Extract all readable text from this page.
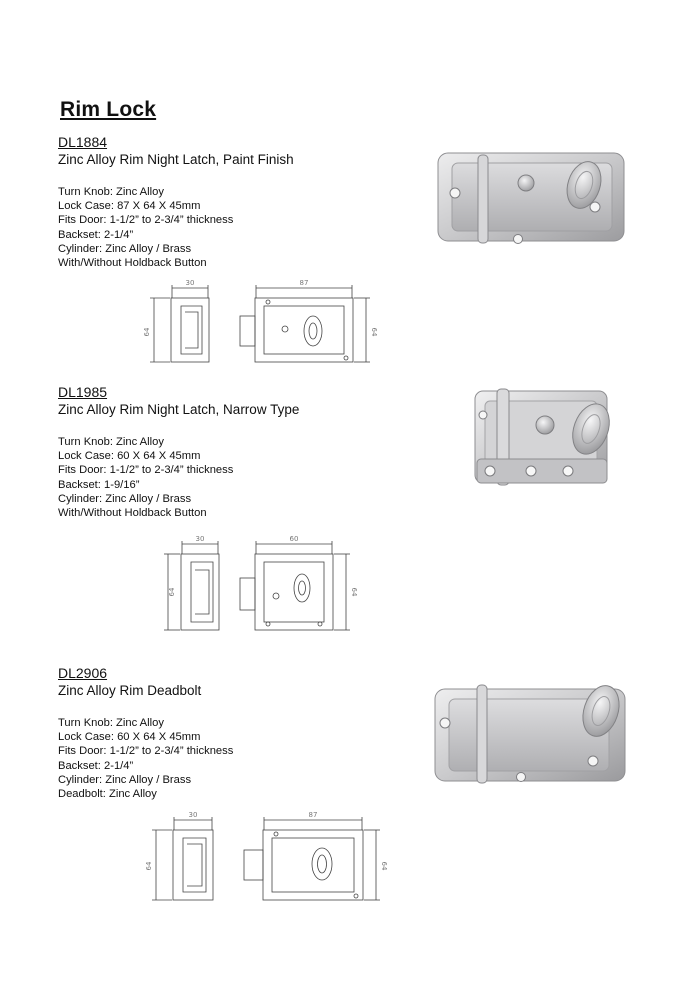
Rim Lock
DL1884
Zinc Alloy Rim Night Latch, Paint Finish
Turn Knob: Zinc Alloy
Lock Case: 87 X 64 X 45mm
Fits Door: 1-1/2” to 2-3/4” thickness
Backset: 2-1/4”
Cylinder: Zinc Alloy / Brass
With/Without Holdback Button
30	87
64	64
DL1985
Zinc Alloy Rim Night Latch, Narrow Type
Turn Knob: Zinc Alloy
Lock Case: 60 X 64 X 45mm
Fits Door: 1-1/2” to 2-3/4” thickness
Backset: 1-9/16”
Cylinder: Zinc Alloy / Brass
With/Without Holdback Button
30	60
64	64
DL2906
Zinc Alloy Rim Deadbolt
Turn Knob: Zinc Alloy
Lock Case: 60 X 64 X 45mm
Fits Door: 1-1/2” to 2-3/4” thickness
Backset: 2-1/4”
Cylinder: Zinc Alloy / Brass
Deadbolt: Zinc Alloy
30	87
64	64
